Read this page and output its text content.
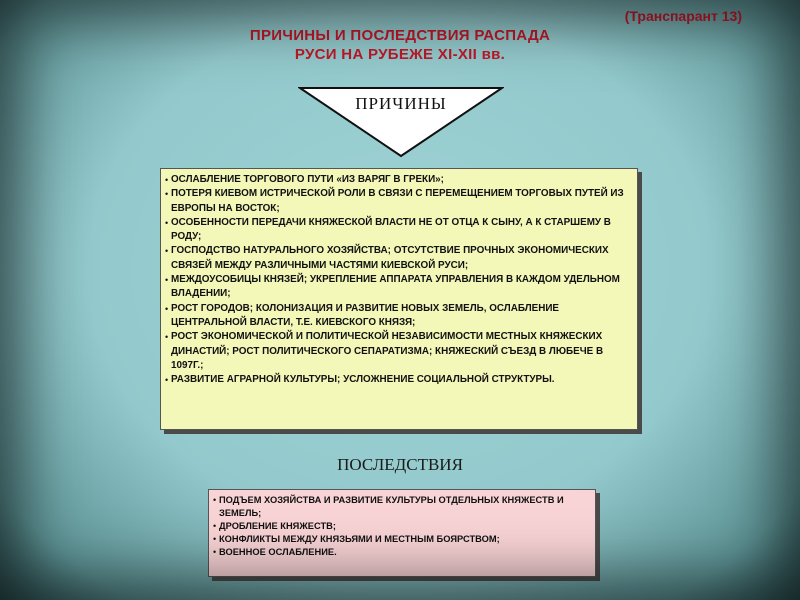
(Транспарант 13)
ПРИЧИНЫ И ПОСЛЕДСТВИЯ РАСПАДА
РУСИ НА РУБЕЖЕ XI-XII вв.
ПРИЧИНЫ
• ОСЛАБЛЕНИЕ ТОРГОВОГО ПУТИ «ИЗ ВАРЯГ В ГРЕКИ»;
• ПОТЕРЯ КИЕВОМ ИСТРИЧЕСКОЙ РОЛИ В СВЯЗИ С ПЕРЕМЕЩЕНИЕМ ТОРГОВЫХ ПУТЕЙ ИЗ ЕВРОПЫ НА ВОСТОК;
• ОСОБЕННОСТИ ПЕРЕДАЧИ КНЯЖЕСКОЙ ВЛАСТИ НЕ ОТ ОТЦА К СЫНУ, А К СТАРШЕМУ В РОДУ;
• ГОСПОДСТВО НАТУРАЛЬНОГО ХОЗЯЙСТВА; ОТСУТСТВИЕ ПРОЧНЫХ ЭКОНОМИЧЕСКИХ СВЯЗЕЙ МЕЖДУ РАЗЛИЧНЫМИ ЧАСТЯМИ КИЕВСКОЙ РУСИ;
• МЕЖДОУСОБИЦЫ КНЯЗЕЙ; УКРЕПЛЕНИЕ АППАРАТА УПРАВЛЕНИЯ В КАЖДОМ УДЕЛЬНОМ ВЛАДЕНИИ;
• РОСТ ГОРОДОВ; КОЛОНИЗАЦИЯ И РАЗВИТИЕ НОВЫХ ЗЕМЕЛЬ, ОСЛАБЛЕНИЕ ЦЕНТРАЛЬНОЙ ВЛАСТИ, Т.Е. КИЕВСКОГО КНЯЗЯ;
• РОСТ ЭКОНОМИЧЕСКОЙ И ПОЛИТИЧЕСКОЙ НЕЗАВИСИМОСТИ МЕСТНЫХ КНЯЖЕСКИХ ДИНАСТИЙ; РОСТ ПОЛИТИЧЕСКОГО СЕПАРАТИЗМА; КНЯЖЕСКИЙ СЪЕЗД В ЛЮБЕЧЕ В 1097Г.;
• РАЗВИТИЕ АГРАРНОЙ КУЛЬТУРЫ; УСЛОЖНЕНИЕ СОЦИАЛЬНОЙ СТРУКТУРЫ.
ПОСЛЕДСТВИЯ
• ПОДЪЕМ ХОЗЯЙСТВА И РАЗВИТИЕ КУЛЬТУРЫ ОТДЕЛЬНЫХ КНЯЖЕСТВ И ЗЕМЕЛЬ;
• ДРОБЛЕНИЕ КНЯЖЕСТВ;
• КОНФЛИКТЫ МЕЖДУ КНЯЗЬЯМИ И МЕСТНЫМ БОЯРСТВОМ;
• ВОЕННОЕ ОСЛАБЛЕНИЕ.
